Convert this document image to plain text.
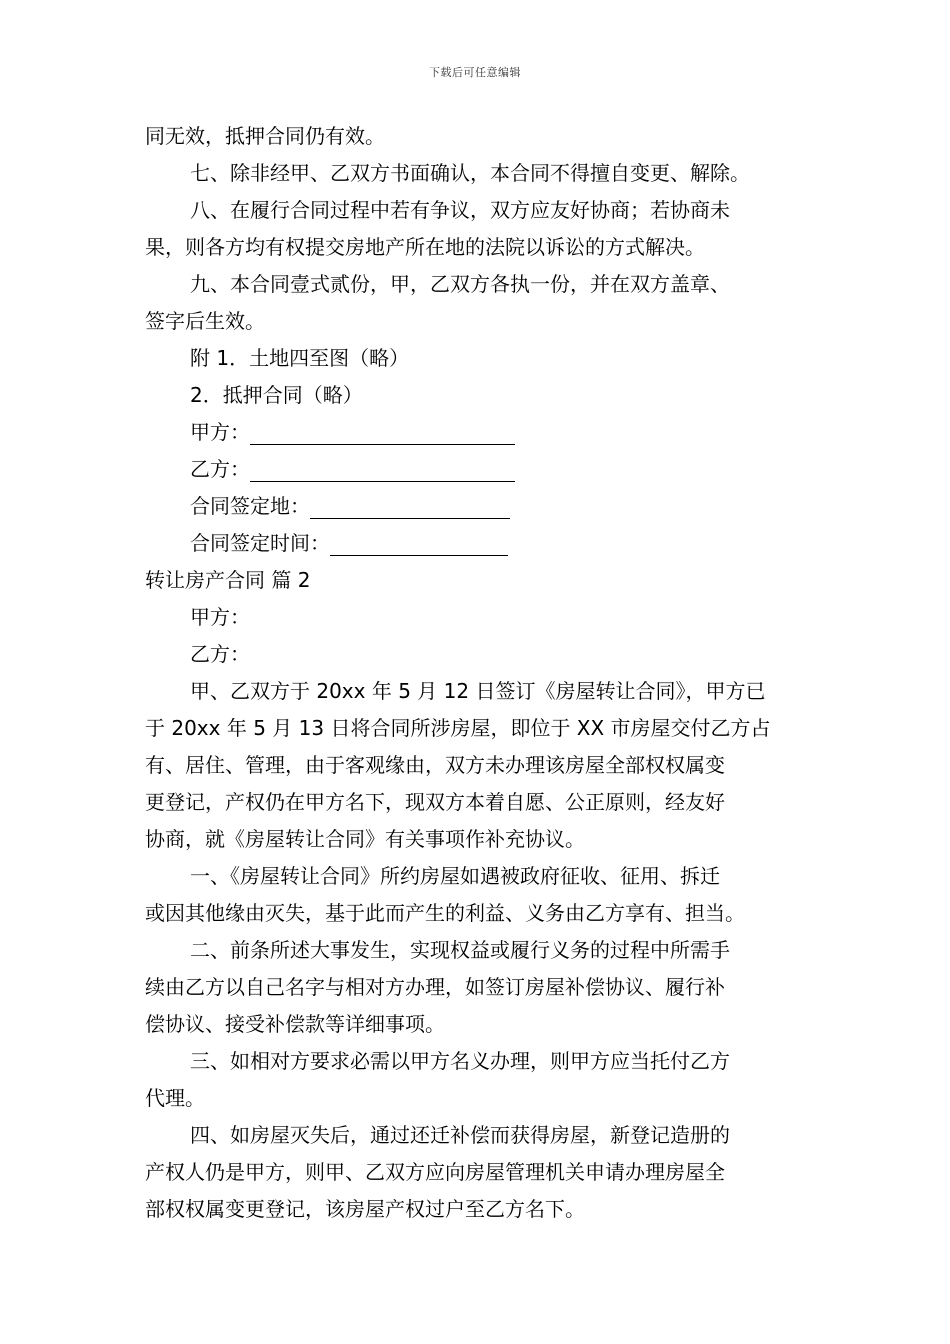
下载后可任意编辑
同无效，抵押合同仍有效。
七、除非经甲、乙双方书面确认，本合同不得擅自变更、解除。
八、在履行合同过程中若有争议，双方应友好协商；若协商未
果，则各方均有权提交房地产所在地的法院以诉讼的方式解决。
九、本合同壹式贰份，甲，乙双方各执一份，并在双方盖章、
签字后生效。
附 1．土地四至图（略）
2．抵押合同（略）
甲方：
乙方：
合同签定地：
合同签定时间：
转让房产合同 篇 2
甲方：
乙方：
甲、乙双方于 20xx 年 5 月 12 日签订《房屋转让合同》，甲方已
于 20xx 年 5 月 13 日将合同所涉房屋，即位于 XX 市房屋交付乙方占
有、居住、管理，由于客观缘由，双方未办理该房屋全部权权属变
更登记，产权仍在甲方名下，现双方本着自愿、公正原则，经友好
协商，就《房屋转让合同》有关事项作补充协议。
一、《房屋转让合同》所约房屋如遇被政府征收、征用、拆迁
或因其他缘由灭失，基于此而产生的利益、义务由乙方享有、担当。
二、前条所述大事发生，实现权益或履行义务的过程中所需手
续由乙方以自己名字与相对方办理，如签订房屋补偿协议、履行补
偿协议、接受补偿款等详细事项。
三、如相对方要求必需以甲方名义办理，则甲方应当托付乙方
代理。
四、如房屋灭失后，通过还迁补偿而获得房屋，新登记造册的
产权人仍是甲方，则甲、乙双方应向房屋管理机关申请办理房屋全
部权权属变更登记，该房屋产权过户至乙方名下。
